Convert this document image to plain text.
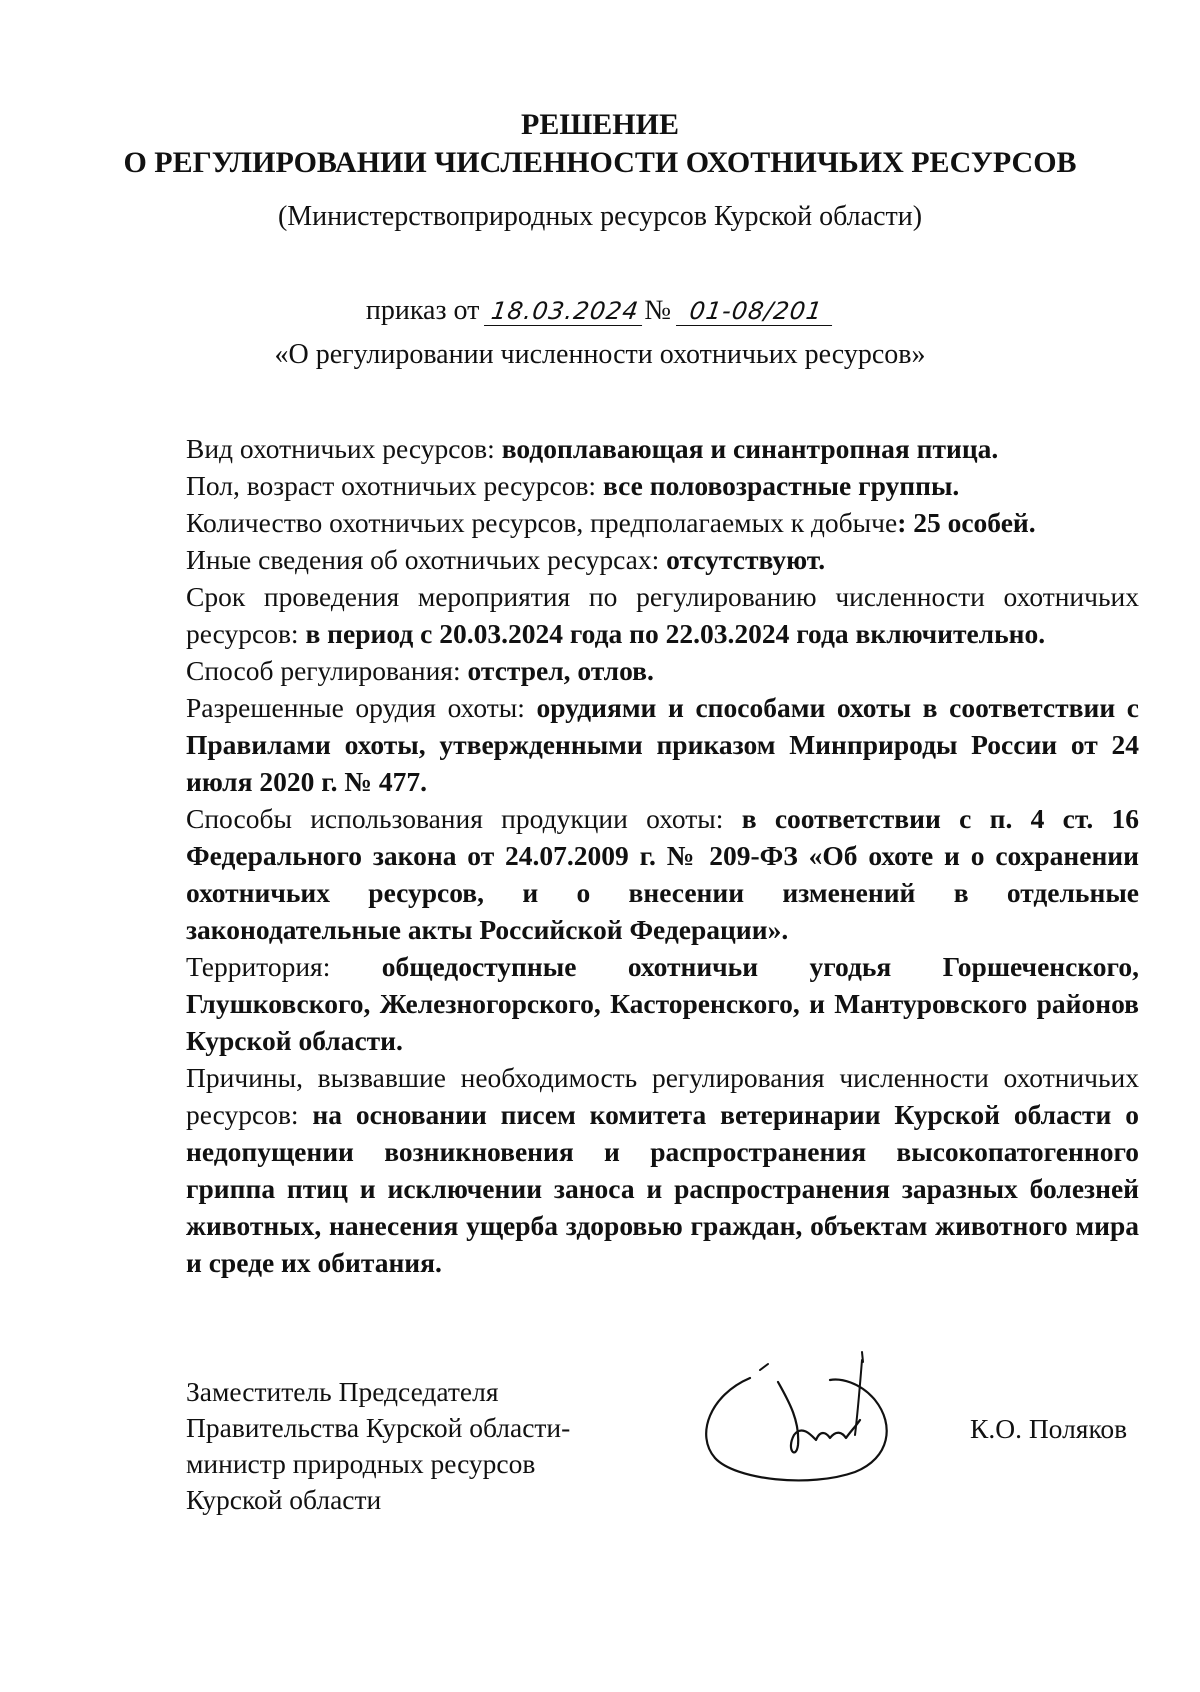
РЕШЕНИЕ
О РЕГУЛИРОВАНИИ ЧИСЛЕННОСТИ ОХОТНИЧЬИХ РЕСУРСОВ
(Министерствоприродных ресурсов Курской области)
приказ от 18.03.2024 № 01-08/201
«О регулировании численности охотничьих ресурсов»

Вид охотничьих ресурсов: водоплавающая и синантропная птица.

Пол, возраст охотничьих ресурсов: все половозрастные группы.

Количество охотничьих ресурсов, предполагаемых к добыче: 25 особей.

Иные сведения об охотничьих ресурсах: отсутствуют.

Срок проведения мероприятия по регулированию численности охотничьих ресурсов: в период с 20.03.2024 года по 22.03.2024 года включительно.

Способ регулирования: отстрел, отлов.

Разрешенные орудия охоты: орудиями и способами охоты в соответствии с Правилами охоты, утвержденными приказом Минприроды России от 24 июля 2020 г. № 477.

Способы использования продукции охоты: в соответствии с п. 4 ст. 16 Федерального закона от 24.07.2009 г. № 209-ФЗ «Об охоте и о сохранении охотничьих ресурсов, и о внесении изменений в отдельные законодательные акты Российской Федерации».

Территория: общедоступные охотничьи угодья Горшеченского, Глушковского, Железногорского, Касторенского, и Мантуровского районов Курской области.

Причины, вызвавшие необходимость регулирования численности охотничьих ресурсов: на основании писем комитета ветеринарии Курской области о недопущении возникновения и распространения высокопатогенного гриппа птиц и исключении заноса и распространения заразных болезней животных, нанесения ущерба здоровью граждан, объектам животного мира и среде их обитания.

Заместитель Председателя
Правительства Курской области-
министр природных ресурсов
Курской области
К.О. Поляков
